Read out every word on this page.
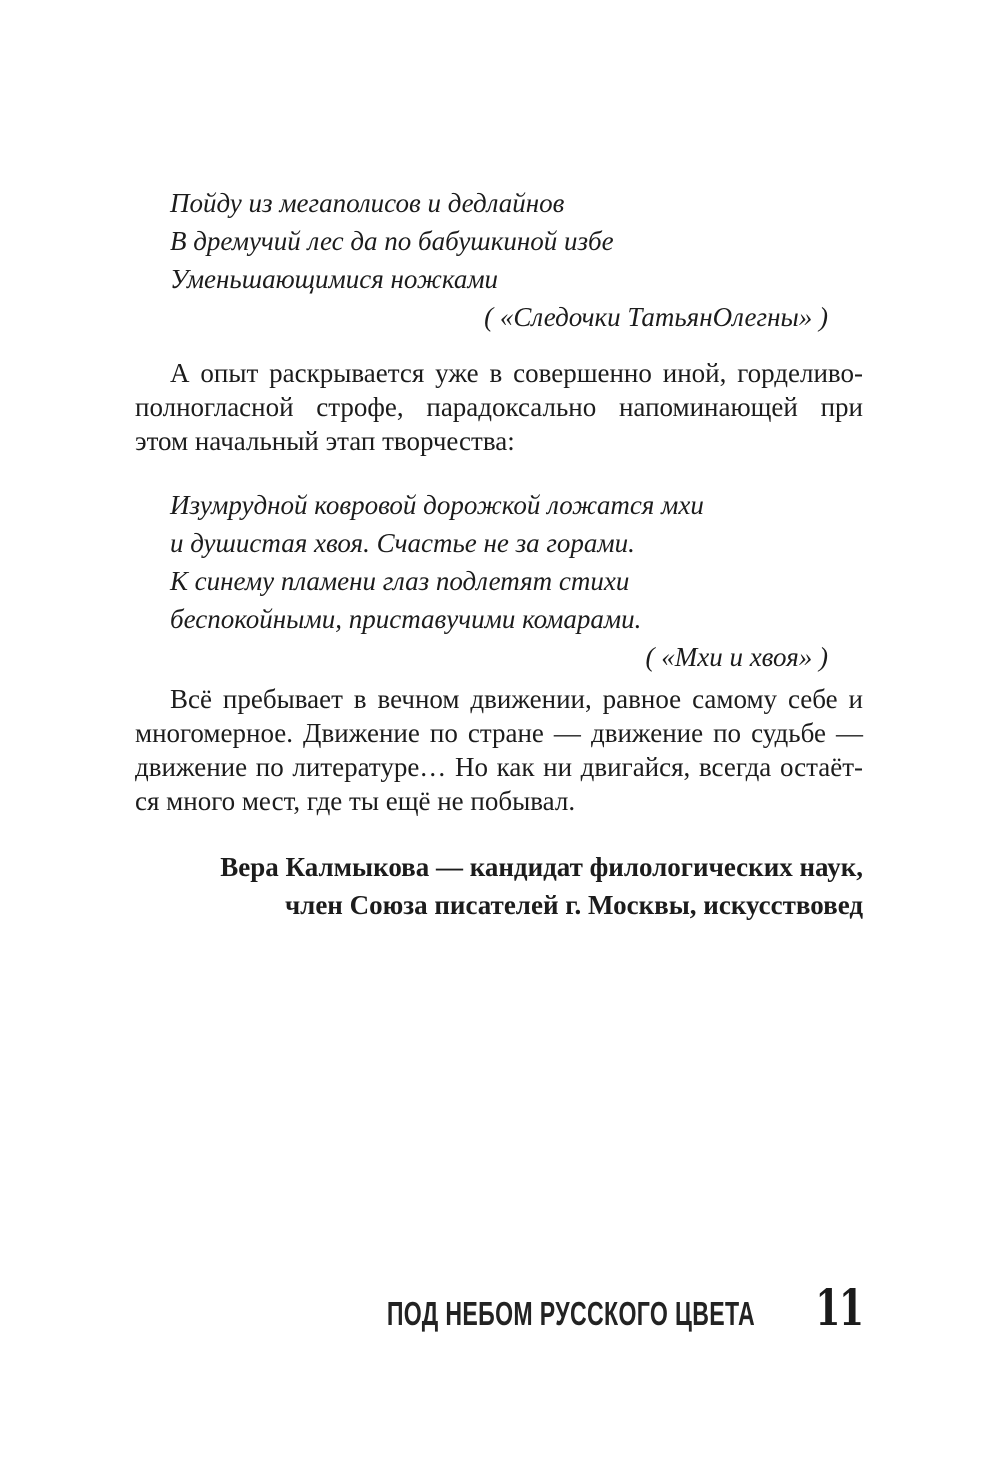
Пойду из мегаполисов и дедлайнов
В дремучий лес да по бабушкиной избе
Уменьшающимися ножками
( «Следочки ТатьянОлегны» )
А опыт раскрывается уже в совершенно иной, горделиво-
полногласной строфе, парадоксально напоминающей при
этом начальный этап творчества:
Изумрудной ковровой дорожкой ложатся мхи
и душистая хвоя. Счастье не за горами.
К синему пламени глаз подлетят стихи
беспокойными, приставучими комарами.
( «Мхи и хвоя» )
Всё пребывает в вечном движении, равное самому себе и
многомерное. Движение по стране — движение по судьбе —
движение по литературе… Но как ни двигайся, всегда остаёт-
ся много мест, где ты ещё не побывал.
Вера Калмыкова — кандидат филологических наук,
член Союза писателей г. Москвы, искусствовед
ПОД НЕБОМ РУССКОГО ЦВЕТА 11
